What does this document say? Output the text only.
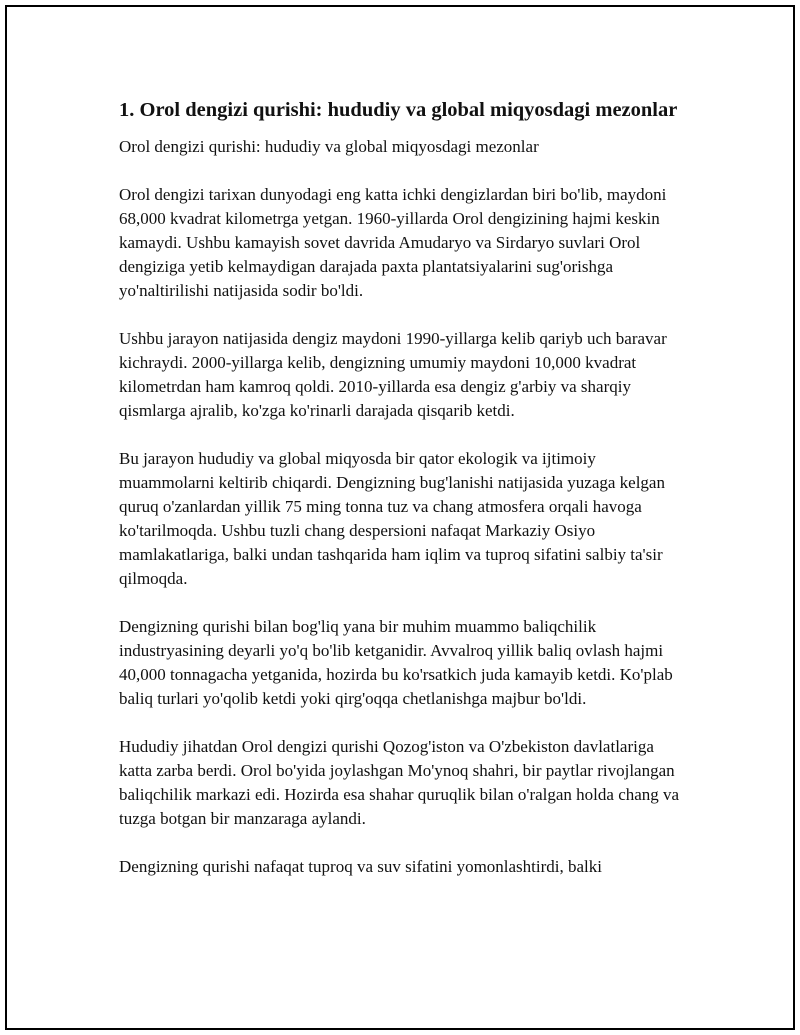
1. Orol dengizi qurishi: hududiy va global miqyosdagi mezonlar

Orol dengizi qurishi: hududiy va global miqyosdagi mezonlar

Orol dengizi tarixan dunyodagi eng katta ichki dengizlardan biri bo'lib, maydoni 68,000 kvadrat kilometrga yetgan. 1960-yillarda Orol dengizining hajmi keskin kamaydi. Ushbu kamayish sovet davrida Amudaryo va Sirdaryo suvlari Orol dengiziga yetib kelmaydigan darajada paxta plantatsiyalarini sug'orishga yo'naltirilishi natijasida sodir bo'ldi.

Ushbu jarayon natijasida dengiz maydoni 1990-yillarga kelib qariyb uch baravar kichraydi. 2000-yillarga kelib, dengizning umumiy maydoni 10,000 kvadrat kilometrdan ham kamroq qoldi. 2010-yillarda esa dengiz g'arbiy va sharqiy qismlarga ajralib, ko'zga ko'rinarli darajada qisqarib ketdi.

Bu jarayon hududiy va global miqyosda bir qator ekologik va ijtimoiy muammolarni keltirib chiqardi. Dengizning bug'lanishi natijasida yuzaga kelgan quruq o'zanlardan yillik 75 ming tonna tuz va chang atmosfera orqali havoga ko'tarilmoqda. Ushbu tuzli chang despersioni nafaqat Markaziy Osiyo mamlakatlariga, balki undan tashqarida ham iqlim va tuproq sifatini salbiy ta'sir qilmoqda.

Dengizning qurishi bilan bog'liq yana bir muhim muammo baliqchilik industryasining deyarli yo'q bo'lib ketganidir. Avvalroq yillik baliq ovlash hajmi 40,000 tonnagacha yetganida, hozirda bu ko'rsatkich juda kamayib ketdi. Ko'plab baliq turlari yo'qolib ketdi yoki qirg'oqqa chetlanishga majbur bo'ldi.

Hududiy jihatdan Orol dengizi qurishi Qozog'iston va O'zbekiston davlatlariga katta zarba berdi. Orol bo'yida joylashgan Mo'ynoq shahri, bir paytlar rivojlangan baliqchilik markazi edi. Hozirda esa shahar quruqlik bilan o'ralgan holda chang va tuzga botgan bir manzaraga aylandi.

Dengizning qurishi nafaqat tuproq va suv sifatini yomonlashtirdi, balki
